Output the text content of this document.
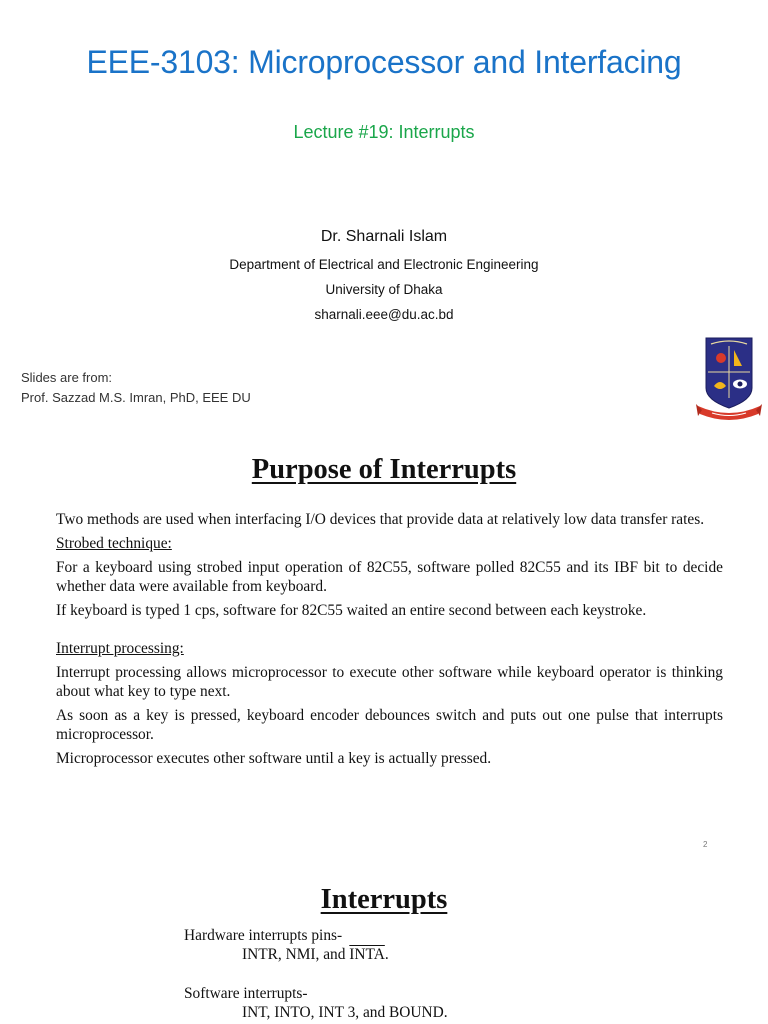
EEE-3103: Microprocessor and Interfacing
Lecture #19: Interrupts
Dr. Sharnali Islam
Department of Electrical and Electronic Engineering
University of Dhaka
sharnali.eee@du.ac.bd
Slides are from:
Prof. Sazzad M.S. Imran, PhD, EEE DU
Purpose of Interrupts

Two methods are used when interfacing I/O devices that provide data at relatively low data transfer rates.

Strobed technique:

For a keyboard using strobed input operation of 82C55, software polled 82C55 and its IBF bit to decide whether data were available from keyboard.

If keyboard is typed 1 cps, software for 82C55 waited an entire second between each keystroke.

Interrupt processing:

Interrupt processing allows microprocessor to execute other software while keyboard operator is thinking about what key to type next.

As soon as a key is pressed, keyboard encoder debounces switch and puts out one pulse that interrupts microprocessor.

Microprocessor executes other software until a key is actually pressed.

2
Interrupts
Hardware interrupts pins-
INTR, NMI, and INTA.
Software interrupts-
INT, INTO, INT 3, and BOUND.
